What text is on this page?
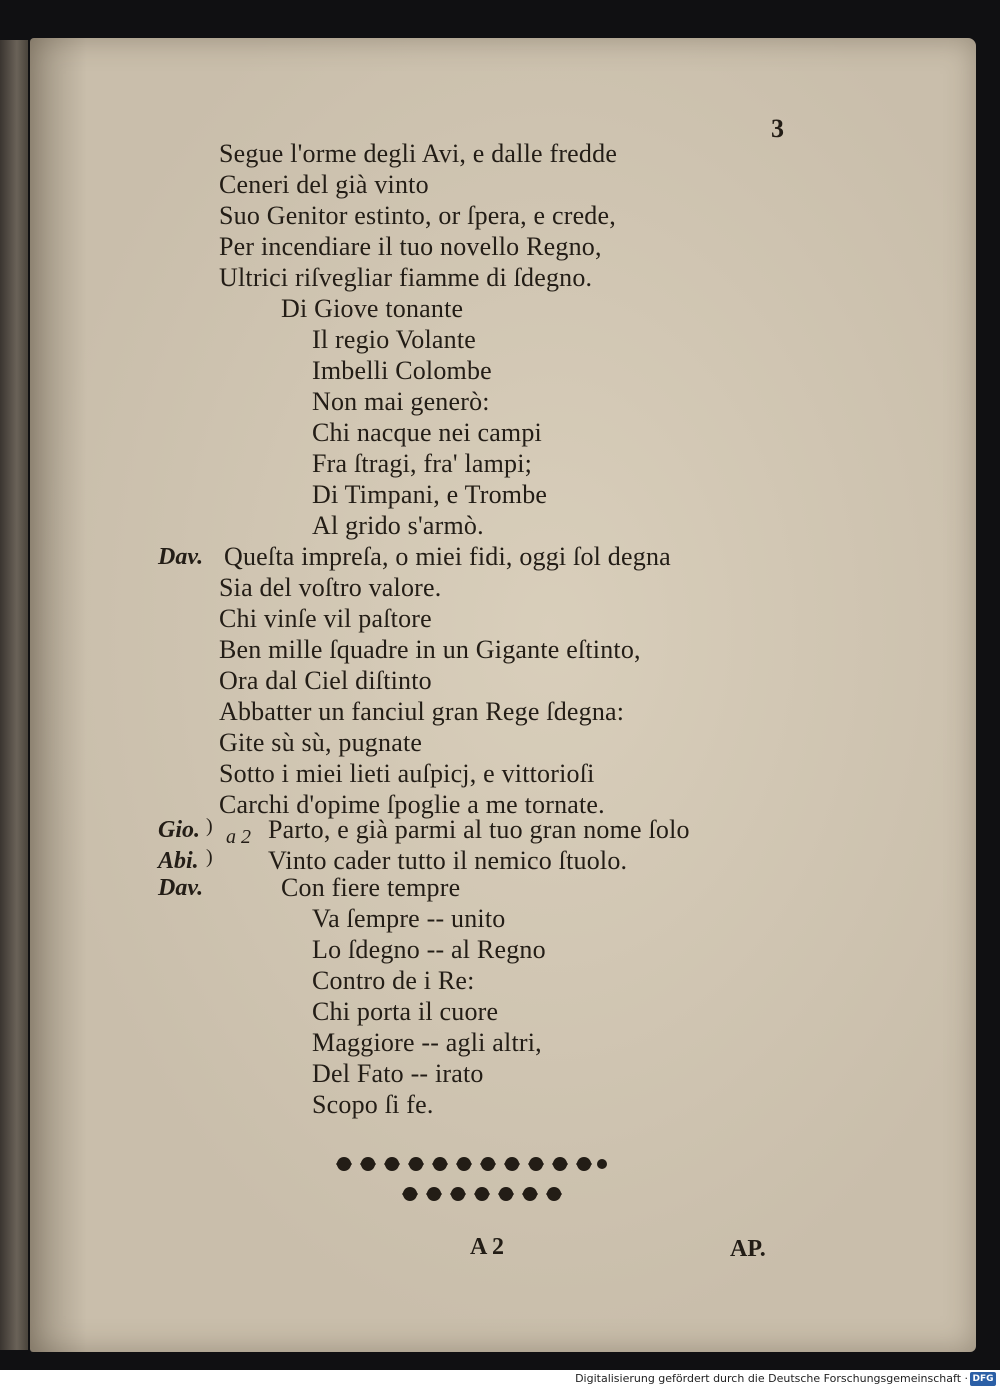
3
Segue l'orme degli Avi, e dalle fredde
Ceneri del già vinto
Suo Genitor estinto, or ſpera, e crede,
Per incendiare il tuo novello Regno,
Ultrici riſvegliar fiamme di ſdegno.
Di Giove tonante
Il regio Volante
Imbelli Colombe
Non mai generò:
Chi nacque nei campi
Fra ſtragi, fra' lampi;
Di Timpani, e Trombe
Al grido s'armò.
Dav. Queſta impreſa, o miei fidi, oggi ſol degna
Sia del voſtro valore.
Chi vinſe vil paſtore
Ben mille ſquadre in un Gigante eſtinto,
Ora dal Ciel diſtinto
Abbatter un fanciul gran Rege ſdegna:
Gite sù sù, pugnate
Sotto i miei lieti auſpicj, e vittorioſi
Carchi d'opime ſpoglie a me tornate.
Gio. )
Abi. )
a 2 Parto, e già parmi al tuo gran nome ſolo
Vinto cader tutto il nemico ſtuolo.
Dav.	Con fiere tempre
Va ſempre -- unito
Lo ſdegno -- al Regno
Contro de i Re:
Chi porta il cuore
Maggiore -- agli altri,
Del Fato -- irato
Scopo ſi fe.
A 2	AP.
Digitalisierung gefördert durch die Deutsche Forschungsgemeinschaft · DFG
